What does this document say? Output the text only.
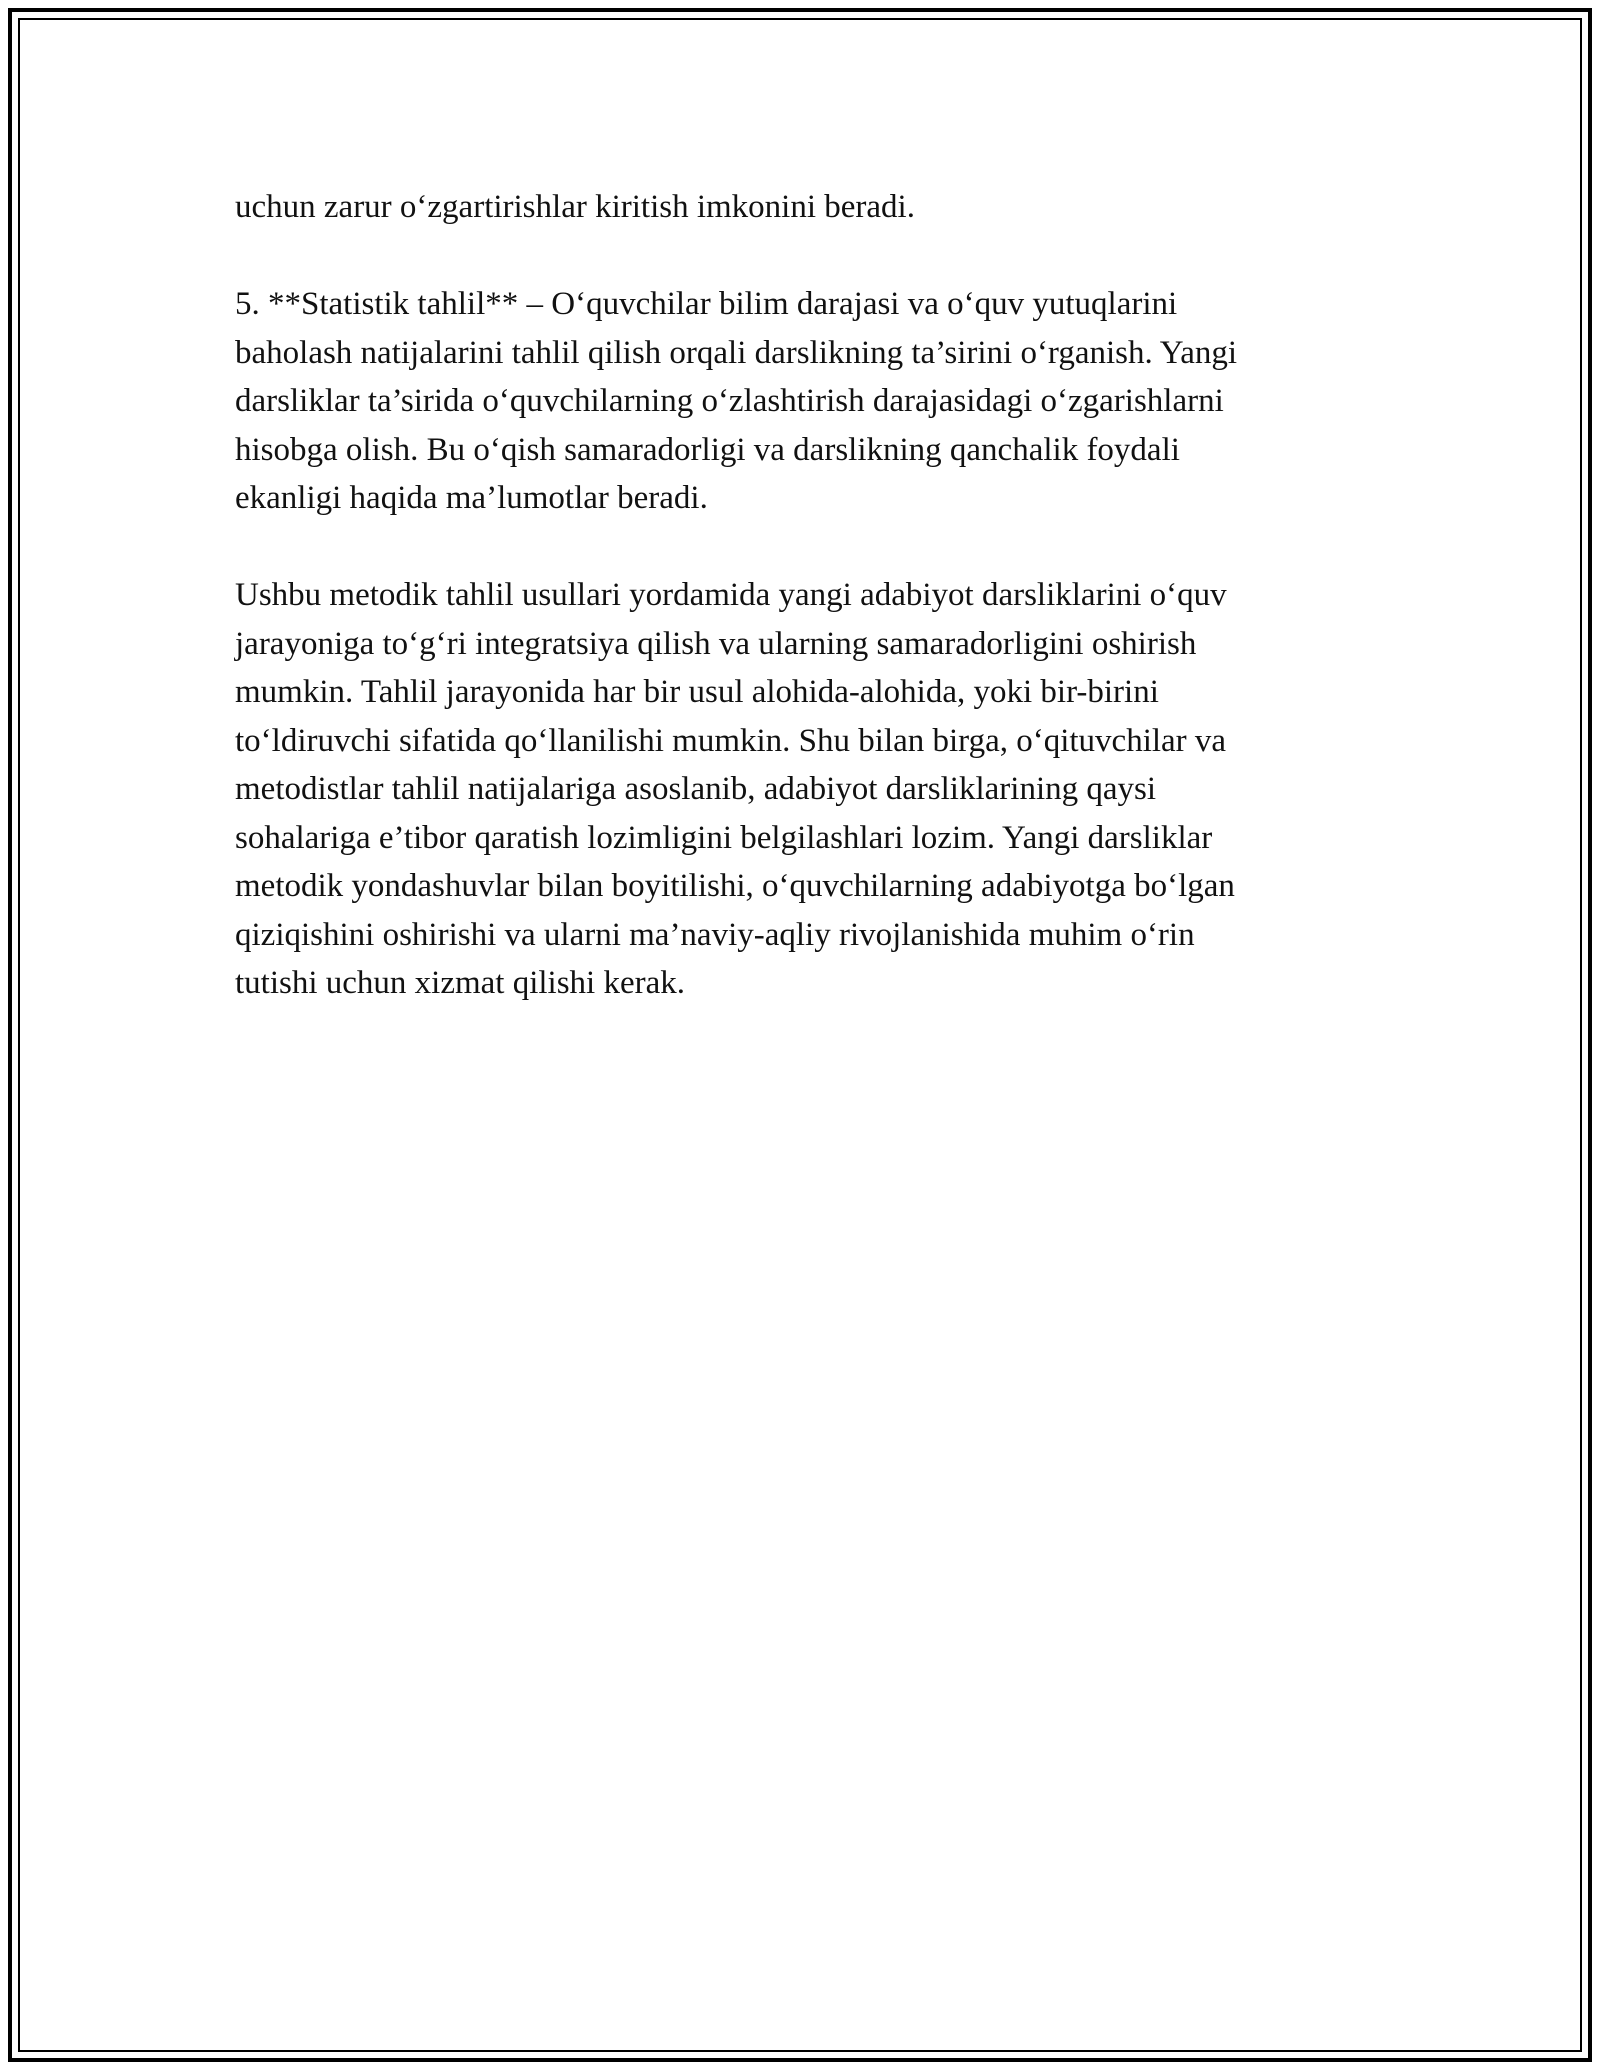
uchun zarur o‘zgartirishlar kiritish imkonini beradi.

5. **Statistik tahlil** – O‘quvchilar bilim darajasi va o‘quv yutuqlarini
baholash natijalarini tahlil qilish orqali darslikning ta’sirini o‘rganish. Yangi
darsliklar ta’sirida o‘quvchilarning o‘zlashtirish darajasidagi o‘zgarishlarni
hisobga olish. Bu o‘qish samaradorligi va darslikning qanchalik foydali
ekanligi haqida ma’lumotlar beradi.

Ushbu metodik tahlil usullari yordamida yangi adabiyot darsliklarini o‘quv
jarayoniga to‘g‘ri integratsiya qilish va ularning samaradorligini oshirish
mumkin. Tahlil jarayonida har bir usul alohida-alohida, yoki bir-birini
to‘ldiruvchi sifatida qo‘llanilishi mumkin. Shu bilan birga, o‘qituvchilar va
metodistlar tahlil natijalariga asoslanib, adabiyot darsliklarining qaysi
sohalariga e’tibor qaratish lozimligini belgilashlari lozim. Yangi darsliklar
metodik yondashuvlar bilan boyitilishi, o‘quvchilarning adabiyotga bo‘lgan
qiziqishini oshirishi va ularni ma’naviy-aqliy rivojlanishida muhim o‘rin
tutishi uchun xizmat qilishi kerak.
